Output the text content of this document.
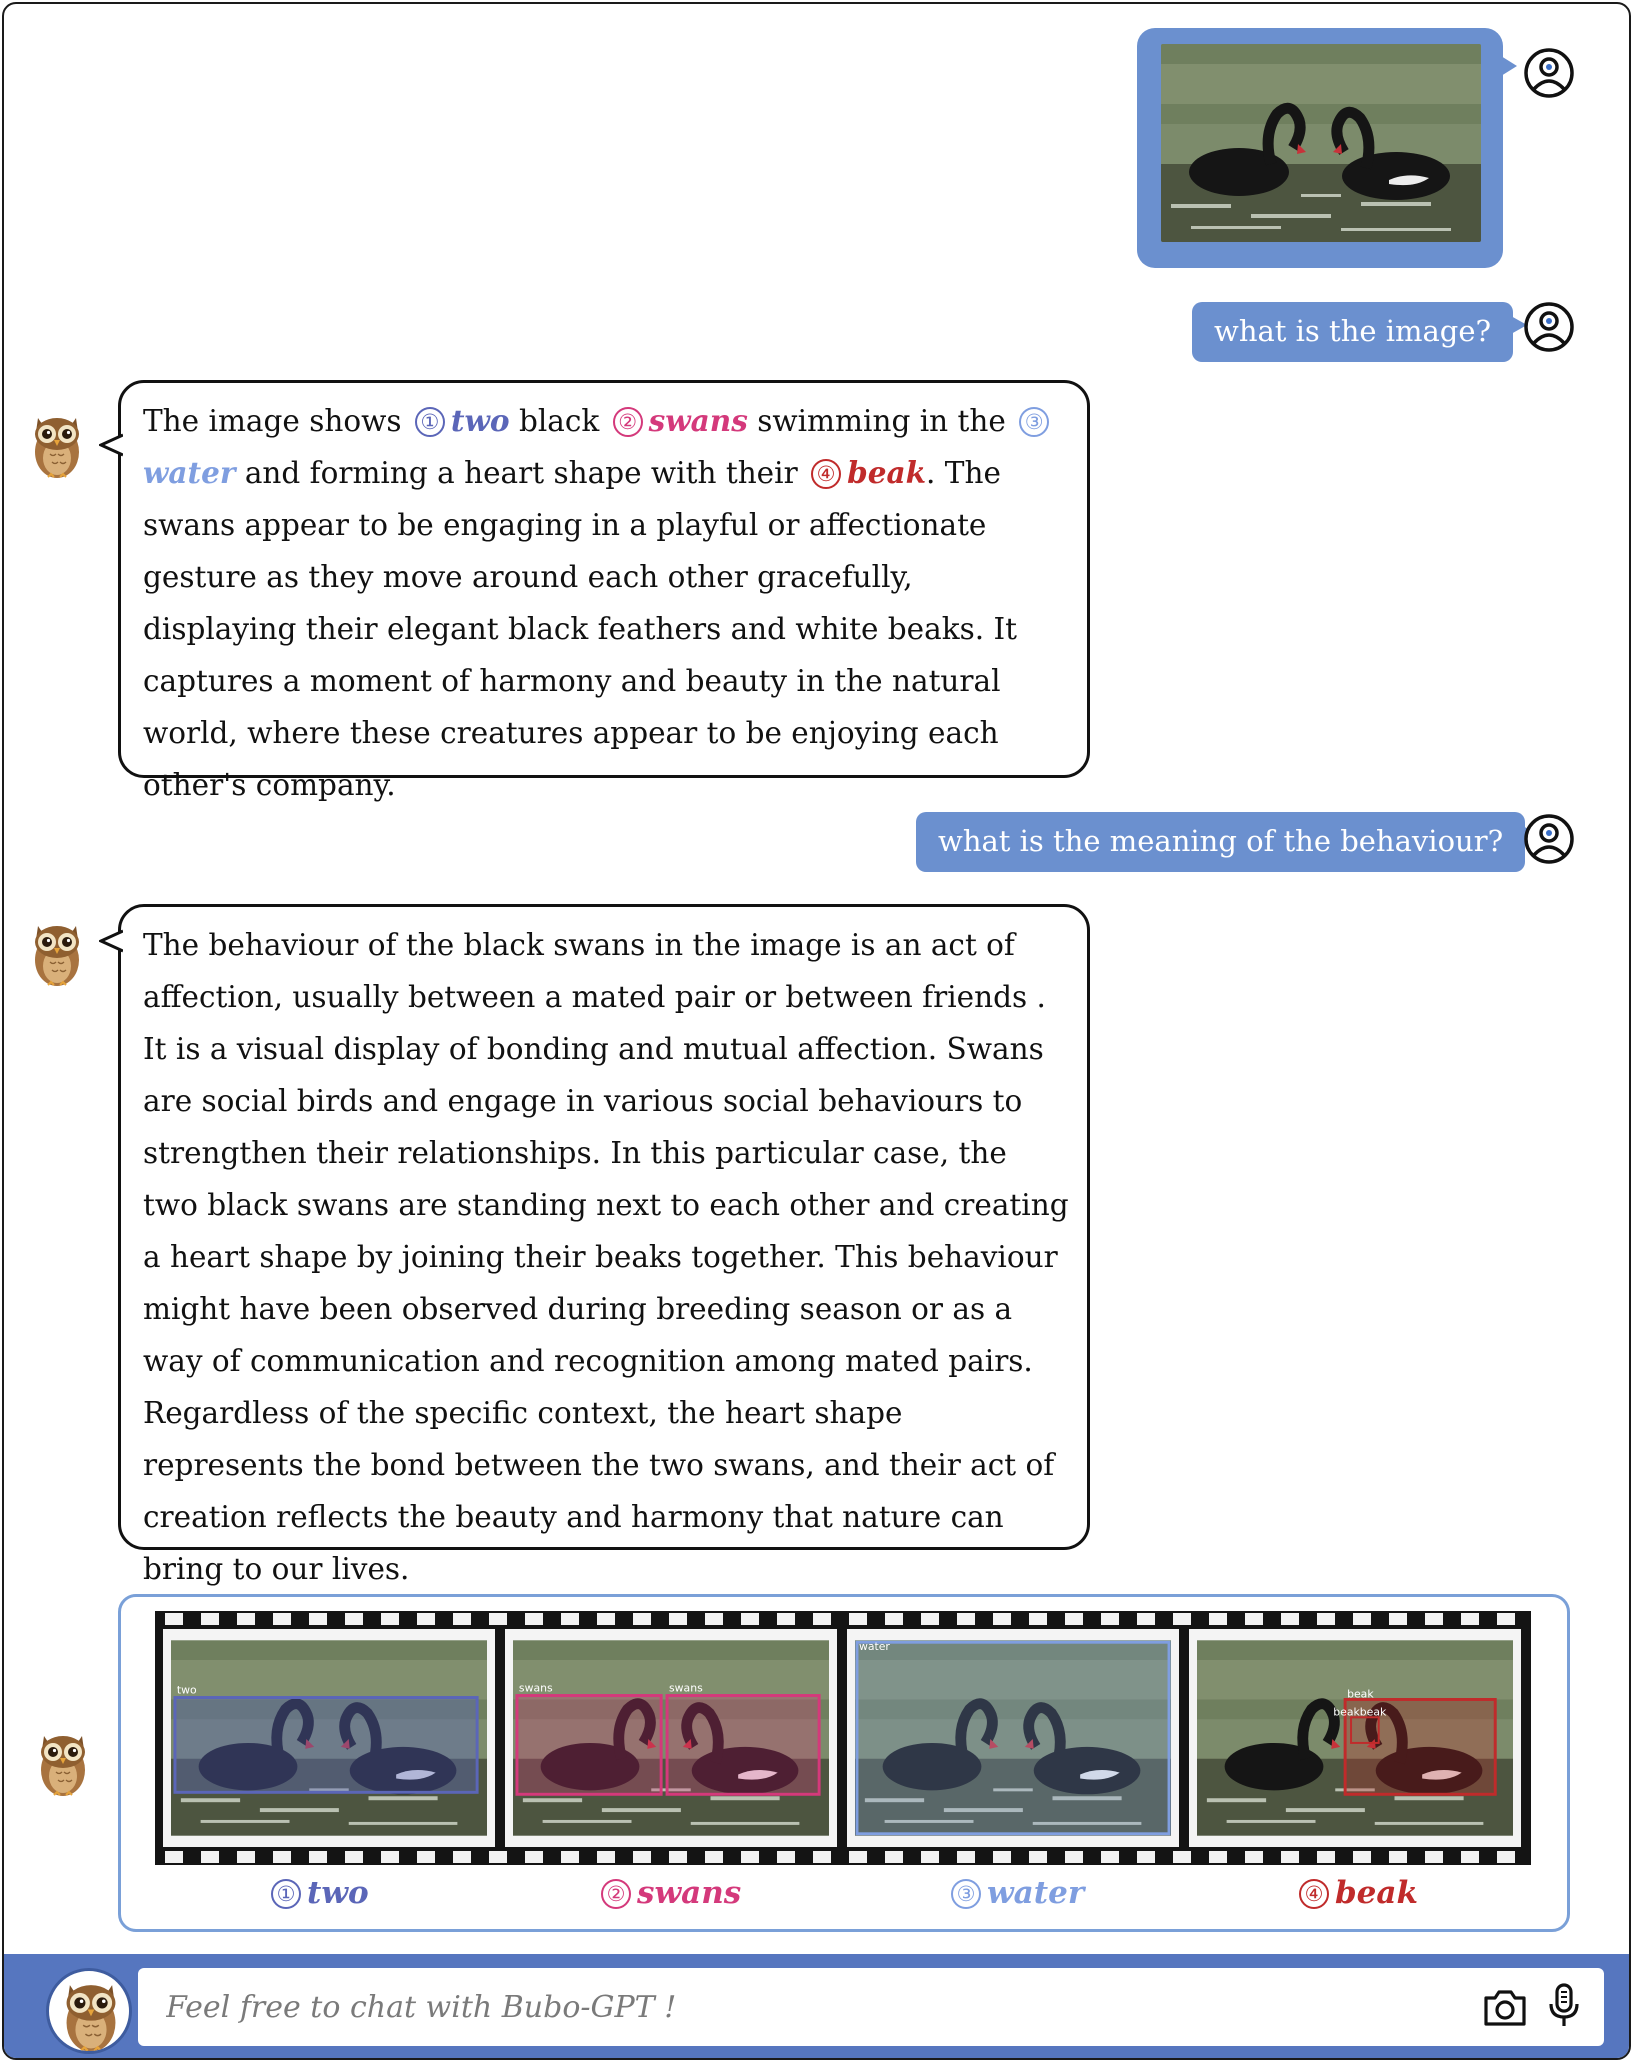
what is the image?
The image shows ① two black ② swans swimming in the ③water and forming a heart shape with their ④ beak. The swans appear to be engaging in a playful or affectionate gesture as they move around each other gracefully, displaying their elegant black feathers and white beaks. It captures a moment of harmony and beauty in the natural world, where these creatures appear to be enjoying each other's company.
what is the meaning of the behaviour?
The behaviour of the black swans in the image is an act of affection, usually between a mated pair or between friends . It is a visual display of bonding and mutual affection. Swans are social birds and engage in various social behaviours to strengthen their relationships. In this particular case, the two black swans are standing next to each other and creating a heart shape by joining their beaks together. This behaviour might have been observed during breeding season or as a way of communication and recognition among mated pairs. Regardless of the specific context, the heart shape represents the bond between the two swans, and their act of creation reflects the beauty and harmony that nature can bring to our lives.
two	swans	swans
water
beak
beakbeak
① two	② swans	③ water	④ beak
Feel free to chat with Bubo-GPT !
